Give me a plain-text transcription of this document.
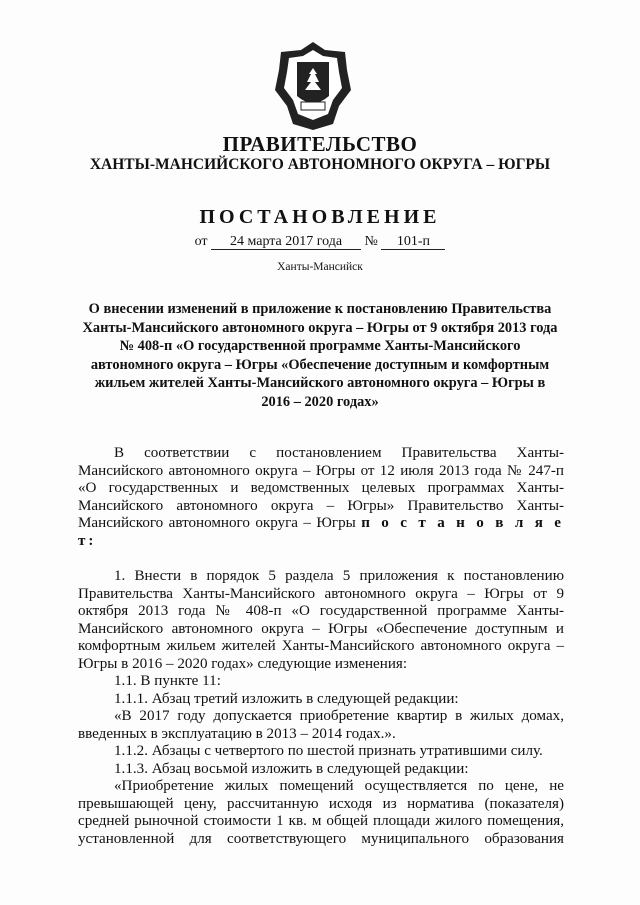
ПРАВИТЕЛЬСТВО
ХАНТЫ-МАНСИЙСКОГО АВТОНОМНОГО ОКРУГА – ЮГРЫ
ПОСТАНОВЛЕНИЕ
от 24 марта 2017 года № 101-п
Ханты-Мансийск
О внесении изменений в приложение к постановлению Правительства Ханты-Мансийского автономного округа – Югры от 9 октября 2013 года № 408-п «О государственной программе Ханты-Мансийского автономного округа – Югры «Обеспечение доступным и комфортным жильем жителей Ханты-Мансийского автономного округа – Югры в 2016 – 2020 годах»

В соответствии с постановлением Правительства Ханты-Мансийского автономного округа – Югры от 12 июля 2013 года № 247-п «О государственных и ведомственных целевых программах Ханты-Мансийского автономного округа – Югры» Правительство Ханты-Мансийского автономного округа – Югры п о с т а н о в л я е т:

1. Внести в порядок 5 раздела 5 приложения к постановлению Правительства Ханты-Мансийского автономного округа – Югры от 9 октября 2013 года № 408-п «О государственной программе Ханты-Мансийского автономного округа – Югры «Обеспечение доступным и комфортным жильем жителей Ханты-Мансийского автономного округа – Югры в 2016 – 2020 годах» следующие изменения:

1.1. В пункте 11:

1.1.1. Абзац третий изложить в следующей редакции:

«В 2017 году допускается приобретение квартир в жилых домах, введенных в эксплуатацию в 2013 – 2014 годах.».

1.1.2. Абзацы с четвертого по шестой признать утратившими силу.

1.1.3. Абзац восьмой изложить в следующей редакции:

«Приобретение жилых помещений осуществляется по цене, не превышающей цену, рассчитанную исходя из норматива (показателя) средней рыночной стоимости 1 кв. м общей площади жилого помещения, установленной для соответствующего муниципального образования
